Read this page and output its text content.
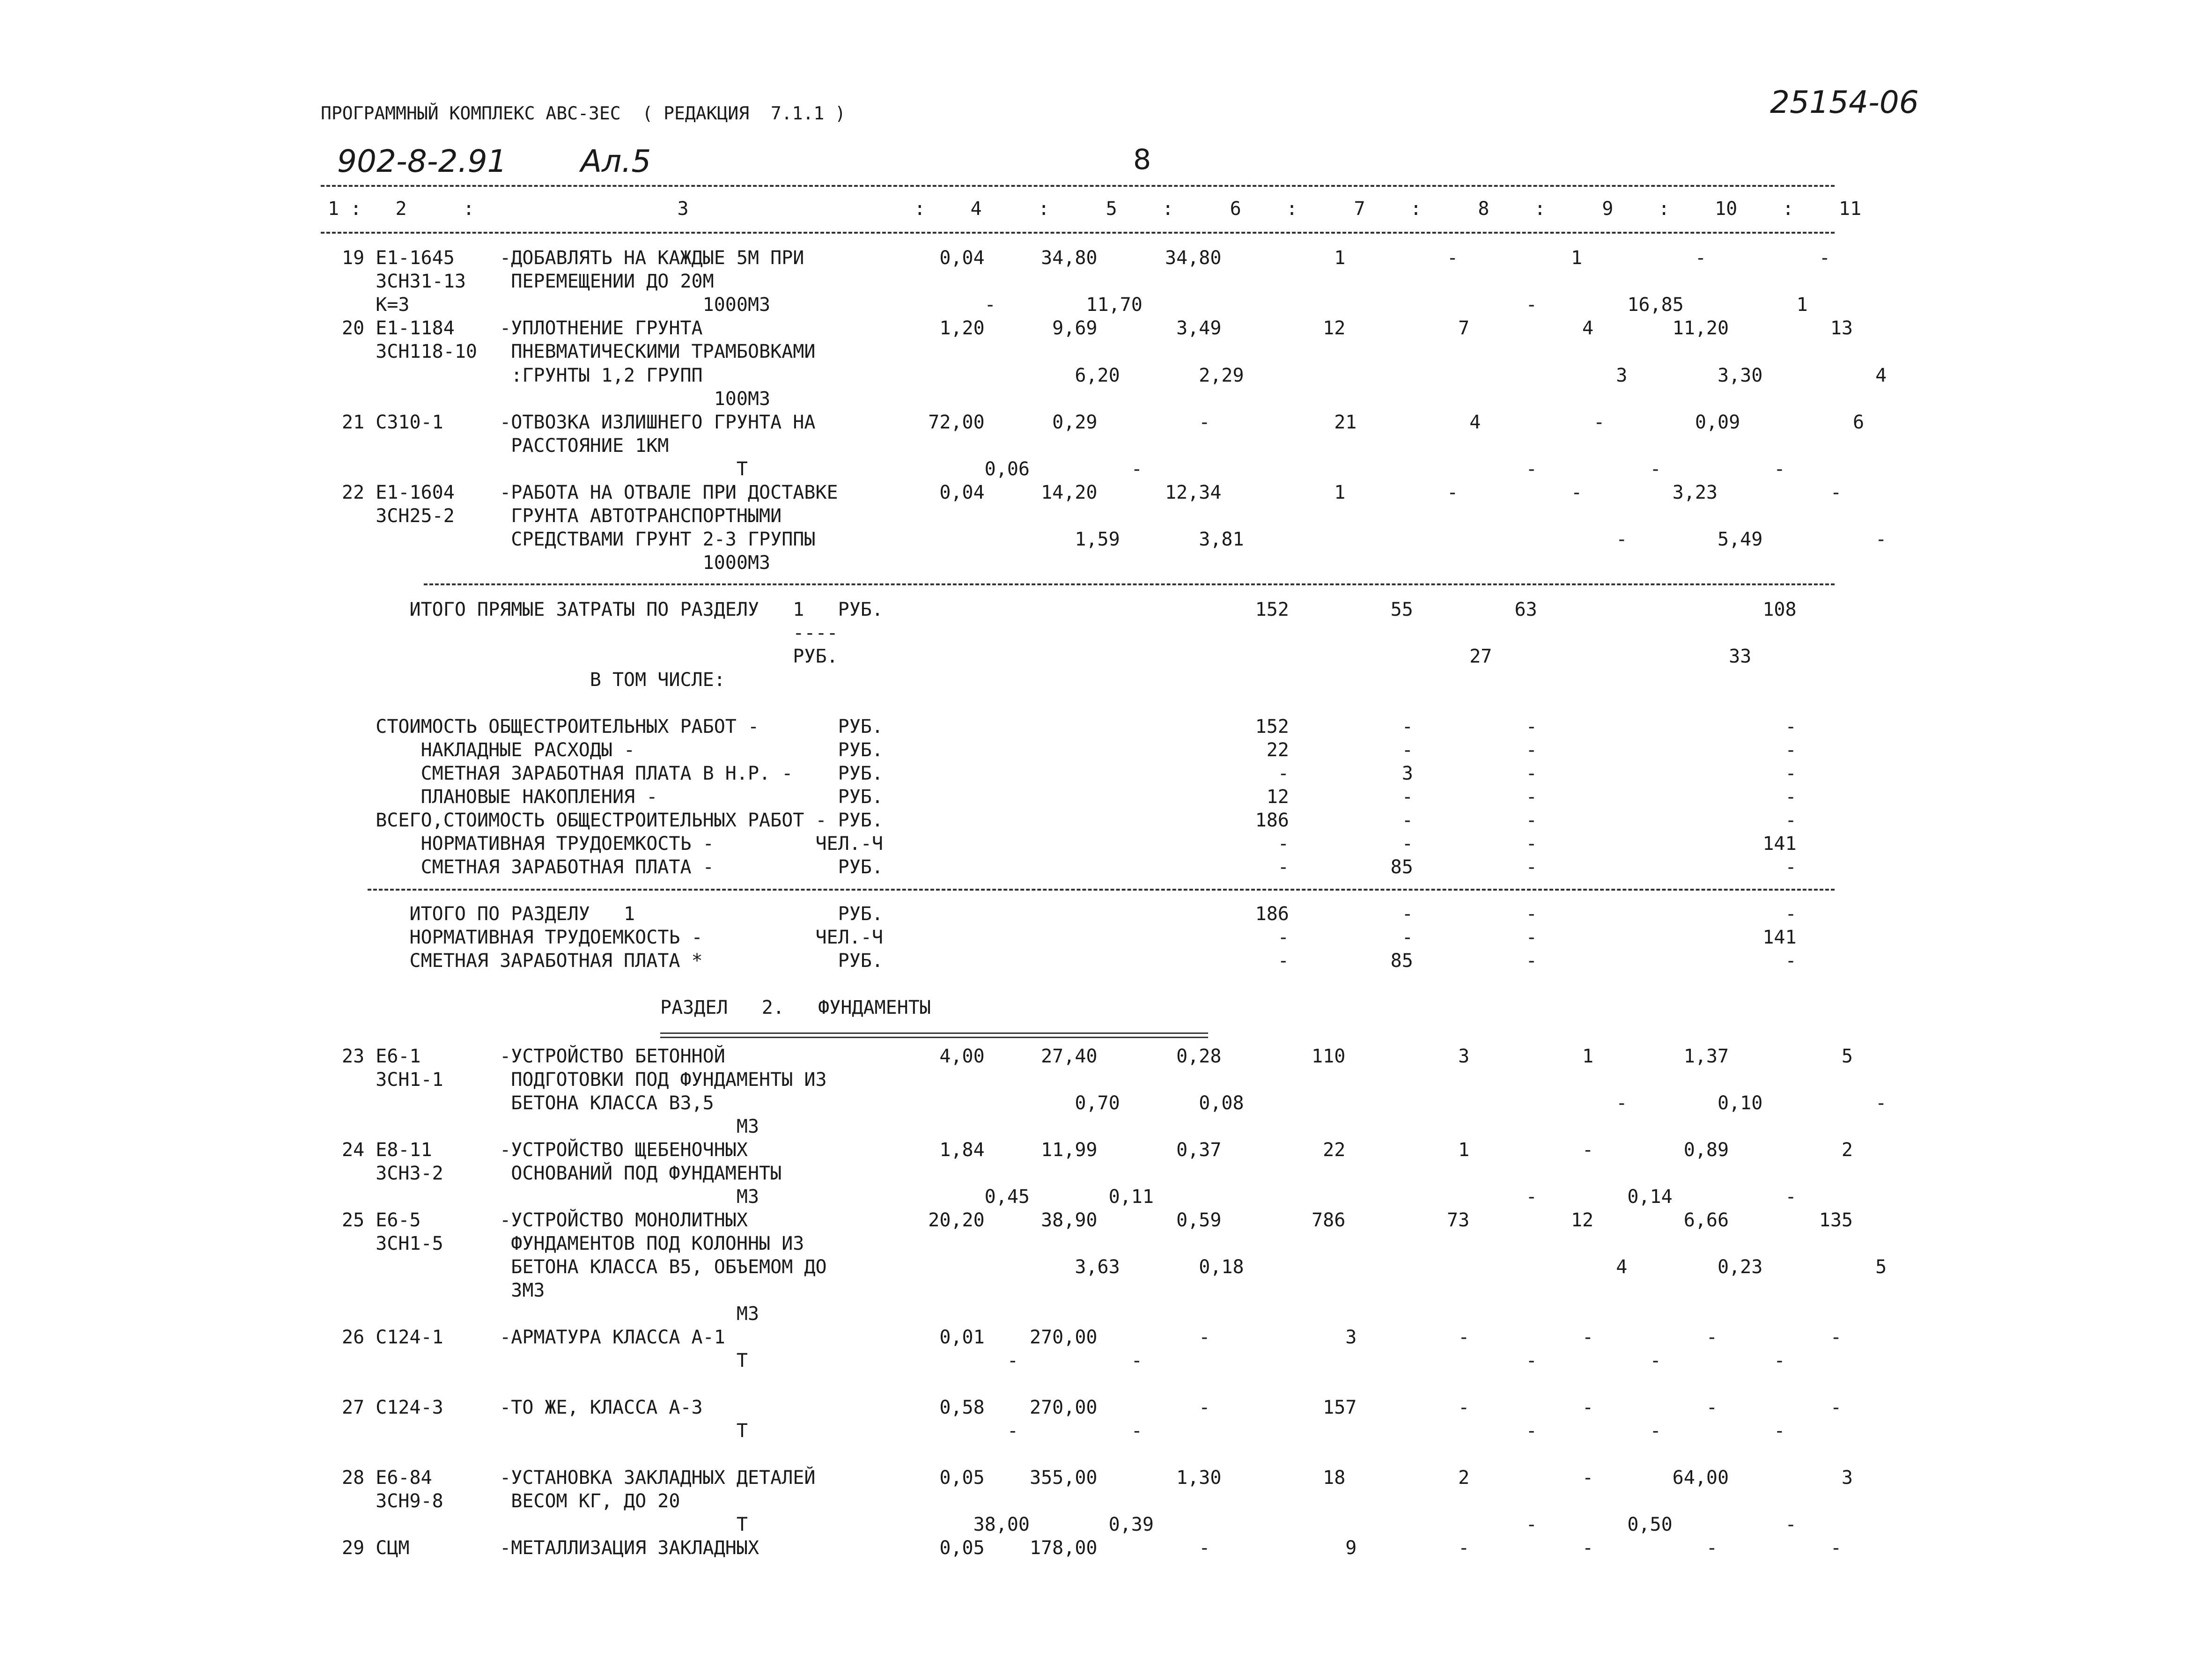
ПРОГРАММНЫЙ КОМПЛЕКС АВС-3ЕС  ( РЕДАКЦИЯ  7.1.1 )
902-8-2.91 Ал.5	8
25154-06
1 :   2     :                  3                    :    4     :     5    :     6    :     7    :     8    :     9    :    10    :    11
19 Е1-1645    -ДОБАВЛЯТЬ НА КАЖДЫЕ 5М ПРИ            0,04     34,80      34,80          1         -          1          -          -
3СН31-13    ПЕРЕМЕЩЕНИИ ДО 20М
К=3                          1000М3                   -        11,70                                  -        16,85          1
20 Е1-1184    -УПЛОТНЕНИЕ ГРУНТА                     1,20      9,69       3,49         12          7          4       11,20         13
3СН118-10   ПНЕВМАТИЧЕСКИМИ ТРАМБОВКАМИ
:ГРУНТЫ 1,2 ГРУПП                                 6,20       2,29                                 3        3,30          4
100М3
21 С310-1     -ОТВОЗКА ИЗЛИШНЕГО ГРУНТА НА          72,00      0,29         -           21          4          -        0,09          6
РАССТОЯНИЕ 1КМ
Т                     0,06         -                                  -          -          -
22 Е1-1604    -РАБОТА НА ОТВАЛЕ ПРИ ДОСТАВКЕ         0,04     14,20      12,34          1         -          -        3,23          -
3СН25-2     ГРУНТА АВТОТРАНСПОРТНЫМИ
СРЕДСТВАМИ ГРУНТ 2-3 ГРУППЫ                       1,59       3,81                                 -        5,49          -
1000М3
ИТОГО ПРЯМЫЕ ЗАТРАТЫ ПО РАЗДЕЛУ   1   РУБ.                                 152         55         63                    108
----
РУБ.                                                        27                     33
В ТОМ ЧИСЛЕ:
СТОИМОСТЬ ОБЩЕСТРОИТЕЛЬНЫХ РАБОТ -       РУБ.                                 152          -          -                      -
НАКЛАДНЫЕ РАСХОДЫ -                  РУБ.                                  22          -          -                      -
СМЕТНАЯ ЗАРАБОТНАЯ ПЛАТА В Н.Р. -    РУБ.                                   -          3          -                      -
ПЛАНОВЫЕ НАКОПЛЕНИЯ -                РУБ.                                  12          -          -                      -
ВСЕГО,СТОИМОСТЬ ОБЩЕСТРОИТЕЛЬНЫХ РАБОТ - РУБ.                                 186          -          -                      -
НОРМАТИВНАЯ ТРУДОЕМКОСТЬ -         ЧЕЛ.-Ч                                   -          -          -                    141
СМЕТНАЯ ЗАРАБОТНАЯ ПЛАТА -           РУБ.                                   -         85          -                      -
ИТОГО ПО РАЗДЕЛУ   1                  РУБ.                                 186          -          -                      -
НОРМАТИВНАЯ ТРУДОЕМКОСТЬ -          ЧЕЛ.-Ч                                   -          -          -                    141
СМЕТНАЯ ЗАРАБОТНАЯ ПЛАТА *            РУБ.                                   -         85          -                      -
РАЗДЕЛ   2.   ФУНДАМЕНТЫ
23 Е6-1       -УСТРОЙСТВО БЕТОННОЙ                   4,00     27,40       0,28        110          3          1        1,37          5
3СН1-1      ПОДГОТОВКИ ПОД ФУНДАМЕНТЫ ИЗ
БЕТОНА КЛАССА В3,5                                0,70       0,08                                 -        0,10          -
М3
24 Е8-11      -УСТРОЙСТВО ЩЕБЕНОЧНЫХ                 1,84     11,99       0,37         22          1          -        0,89          2
3СН3-2      ОСНОВАНИЙ ПОД ФУНДАМЕНТЫ
М3                    0,45       0,11                                 -        0,14          -
25 Е6-5       -УСТРОЙСТВО МОНОЛИТНЫХ                20,20     38,90       0,59        786         73         12        6,66        135
3СН1-5      ФУНДАМЕНТОВ ПОД КОЛОННЫ ИЗ
БЕТОНА КЛАССА В5, ОБЪЕМОМ ДО                      3,63       0,18                                 4        0,23          5
3М3
М3
26 С124-1     -АРМАТУРА КЛАССА А-1                   0,01    270,00         -            3         -          -          -          -
Т                       -          -                                  -          -          -
27 С124-3     -ТО ЖЕ, КЛАССА А-3                     0,58    270,00         -          157         -          -          -          -
Т                       -          -                                  -          -          -
28 Е6-84      -УСТАНОВКА ЗАКЛАДНЫХ ДЕТАЛЕЙ           0,05    355,00       1,30         18          2          -       64,00          3
3СН9-8      ВЕСОМ КГ, ДО 20
Т                    38,00       0,39                                 -        0,50          -
29 СЦМ        -МЕТАЛЛИЗАЦИЯ ЗАКЛАДНЫХ                0,05    178,00         -            9         -          -          -          -
